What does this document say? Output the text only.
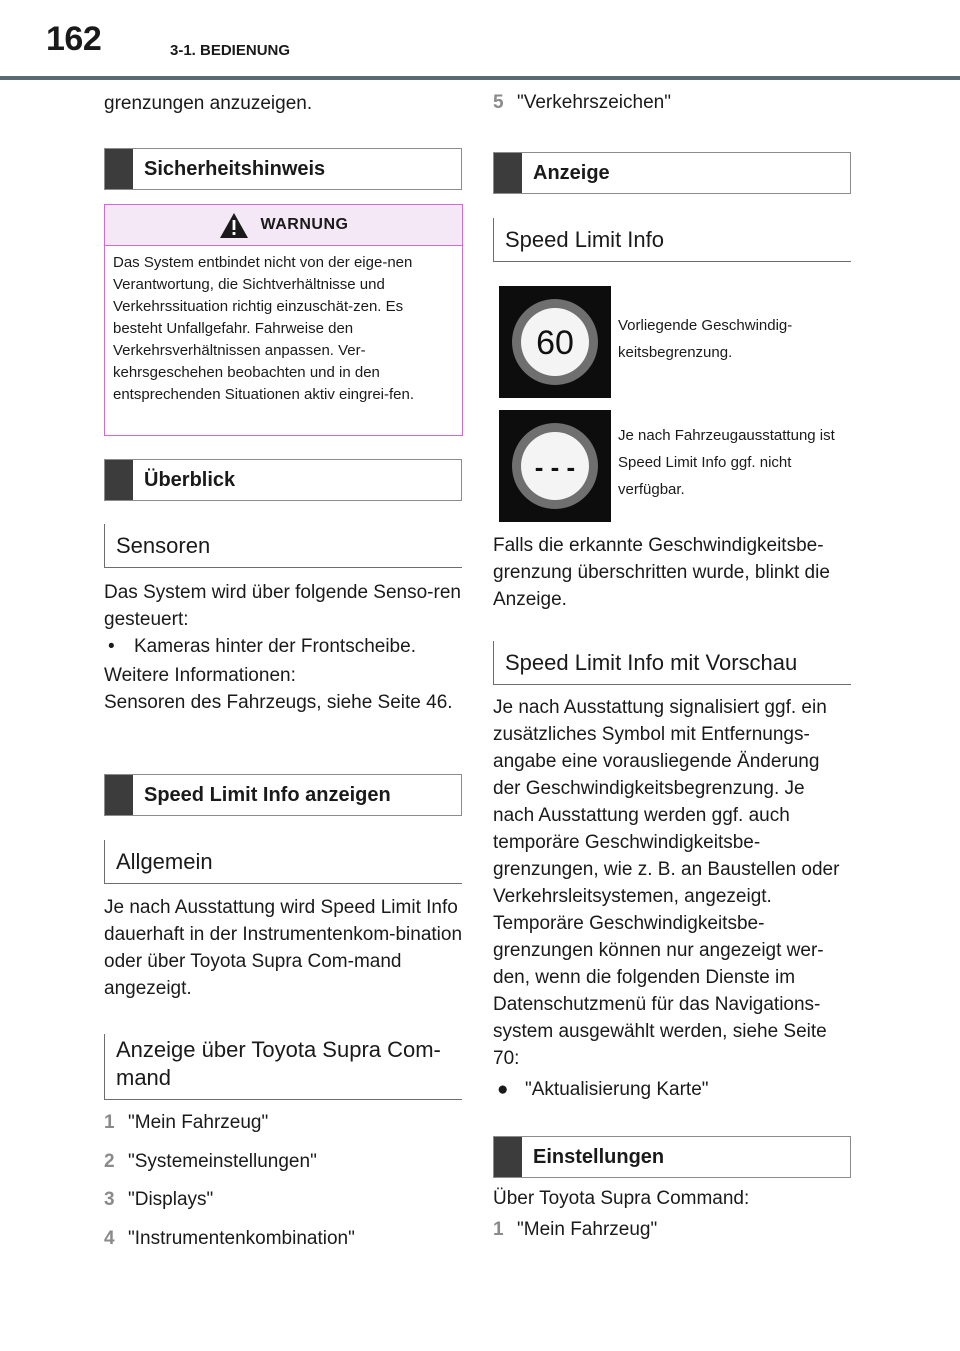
162	3-1. BEDIENUNG
grenzungen anzuzeigen.
Sicherheitshinweis
WARNUNG
Das System entbindet nicht von der eige-nen Verantwortung, die Sichtverhältnisse und Verkehrssituation richtig einzuschät-zen. Es besteht Unfallgefahr. Fahrweise den Verkehrsverhältnissen anpassen. Ver-kehrsgeschehen beobachten und in den entsprechenden Situationen aktiv eingrei-fen.
Überblick
Sensoren
Das System wird über folgende Senso-ren gesteuert:
• Kameras hinter der Frontscheibe.
Weitere Informationen:
Sensoren des Fahrzeugs, siehe Seite 46.
Speed Limit Info anzeigen
Allgemein
Je nach Ausstattung wird Speed Limit Info dauerhaft in der Instrumentenkom-bination oder über Toyota Supra Com-mand angezeigt.
Anzeige über Toyota Supra Com-mand
1 "Mein Fahrzeug"
2 "Systemeinstellungen"
3 "Displays"
4 "Instrumentenkombination"
5 "Verkehrszeichen"
Anzeige
Speed Limit Info
60	Vorliegende Geschwindig-keitsbegrenzung.
- - -
Je nach Fahrzeugausstattung ist Speed Limit Info ggf. nicht verfügbar.
Falls die erkannte Geschwindigkeitsbe-grenzung überschritten wurde, blinkt die Anzeige.
Speed Limit Info mit Vorschau
Je nach Ausstattung signalisiert ggf. ein zusätzliches Symbol mit Entfernungs-angabe eine vorausliegende Änderung der Geschwindigkeitsbegrenzung. Je nach Ausstattung werden ggf. auch temporäre Geschwindigkeitsbe-grenzungen, wie z. B. an Baustellen oder Verkehrsleitsystemen, angezeigt.
Temporäre Geschwindigkeitsbe-grenzungen können nur angezeigt wer-den, wenn die folgenden Dienste im Datenschutzmenü für das Navigations-system ausgewählt werden, siehe Seite 70:
● "Aktualisierung Karte"
Einstellungen
Über Toyota Supra Command:
1 "Mein Fahrzeug"
